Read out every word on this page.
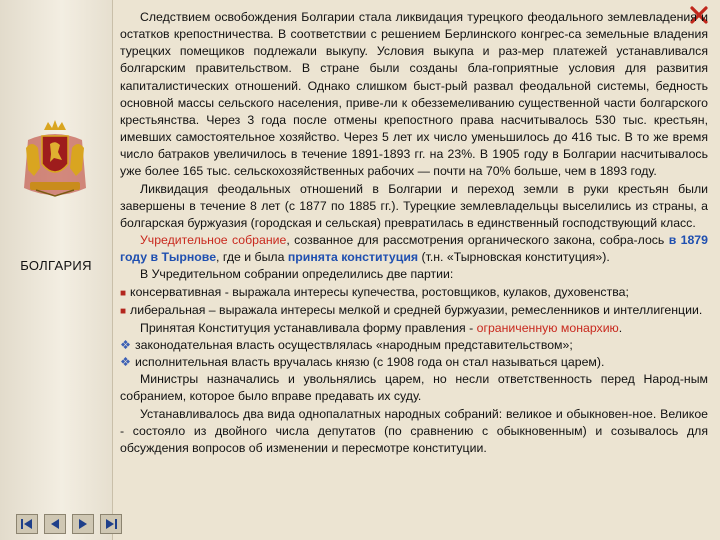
БОЛГАРИЯ

Следствием освобождения Болгарии стала ликвидация турецкого феодального землевладения и остатков крепостничества. В соответствии с решением Берлинского конгрес-са земельные владения турецких помещиков подлежали выкупу. Условия выкупа и раз-мер платежей устанавливался болгарским правительством. В стране были созданы бла-гоприятные условия для развития капиталистических отношений. Однако слишком быст-рый развал феодальной системы, бедность основной массы сельского населения, приве-ли к обезземеливанию существенной части болгарского крестьянства. Через 3 года после отмены крепостного права насчитывалось 530 тыс. крестьян, имевших самостоятельное хозяйство. Через 5 лет их число уменьшилось до 416 тыс. В то же время число батраков увеличилось в течение 1891-1893 гг. на 23%. В 1905 году в Болгарии насчитывалось уже более 165 тыс. сельскохозяйственных рабочих — почти на 70% больше, чем в 1893 году.

Ликвидация феодальных отношений в Болгарии и переход земли в руки крестьян были завершены в течение 8 лет (с 1877 по 1885 гг.). Турецкие землевладельцы выселились из страны, а болгарская буржуазия (городская и сельская) превратилась в единственный господствующий класс.

Учредительное собрание, созванное для рассмотрения органического закона, собра-лось в 1879 году в Тырнове, где и была принята конституция (т.н. «Тырновская конституция»).

В Учредительном собрании определились две партии:

■ консервативная - выражала интересы купечества, ростовщиков, кулаков, духовенства;

■ либеральная – выражала интересы мелкой и средней буржуазии, ремесленников и интеллигенции.

Принятая Конституция устанавливала форму правления - ограниченную монархию.

❖ законодательная власть осуществлялась «народным представительством»;

❖ исполнительная власть вручалась князю (с 1908 года он стал называться царем).

Министры назначались и увольнялись царем, но несли ответственность перед Народ-ным собранием, которое было вправе предавать их суду.

Устанавливалось два вида однопалатных народных собраний: великое и обыкновен-ное. Великое - состояло из двойного числа депутатов (по сравнению с обыкновенным) и созывалось для обсуждения вопросов об изменении и пересмотре конституции.
